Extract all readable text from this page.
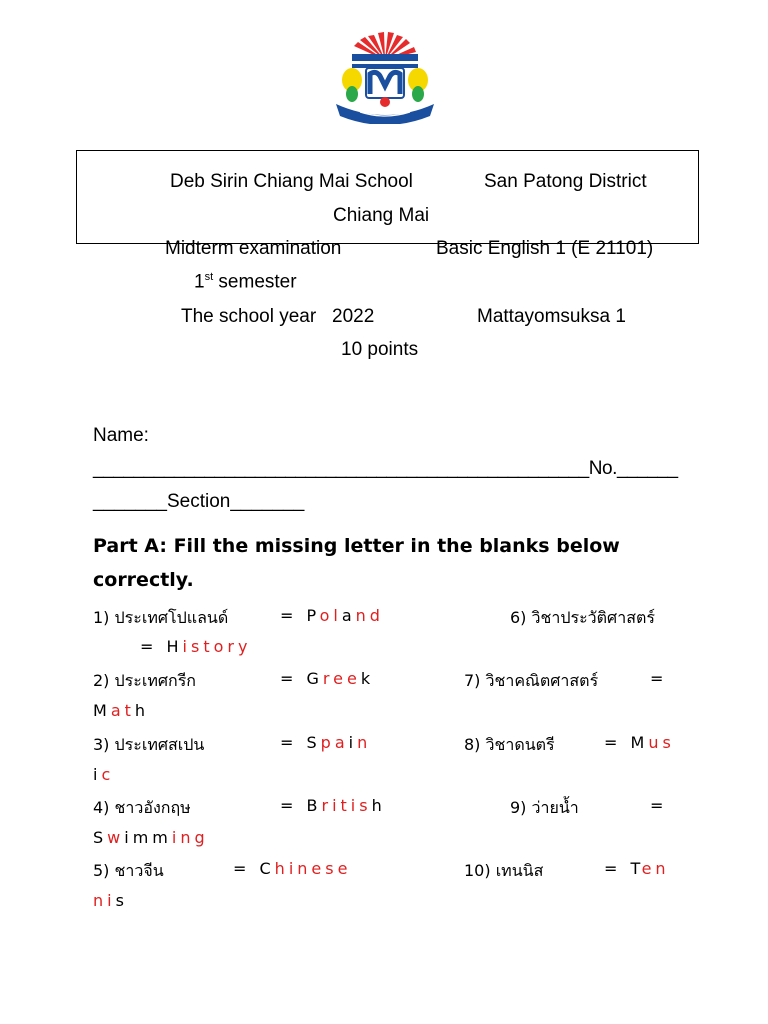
Deb Sirin Chiang Mai School	San Patong District
Chiang Mai
Midterm examination	Basic English 1 (E 21101)
1st semester
The school year   2022	Mattayomsuksa 1
10 points
Name:
_________________________________________________No.______
_______Section_______
Part A: Fill the missing letter in the blanks below
correctly.
1) ประเทศโปแลนด์	= Poland	6) วิชาประวัติศาสตร์
= History
2) ประเทศกรีก	= Greek	7) วิชาคณิตศาสตร์	=
Math
3) ประเทศสเปน	= Spain	8) วิชาดนตรี	= Mus
ic
4) ชาวอังกฤษ	= British	9) ว่ายน้ำ	=
Swimming
5) ชาวจีน	= Chinese	10) เทนนิส	= Ten
nis
